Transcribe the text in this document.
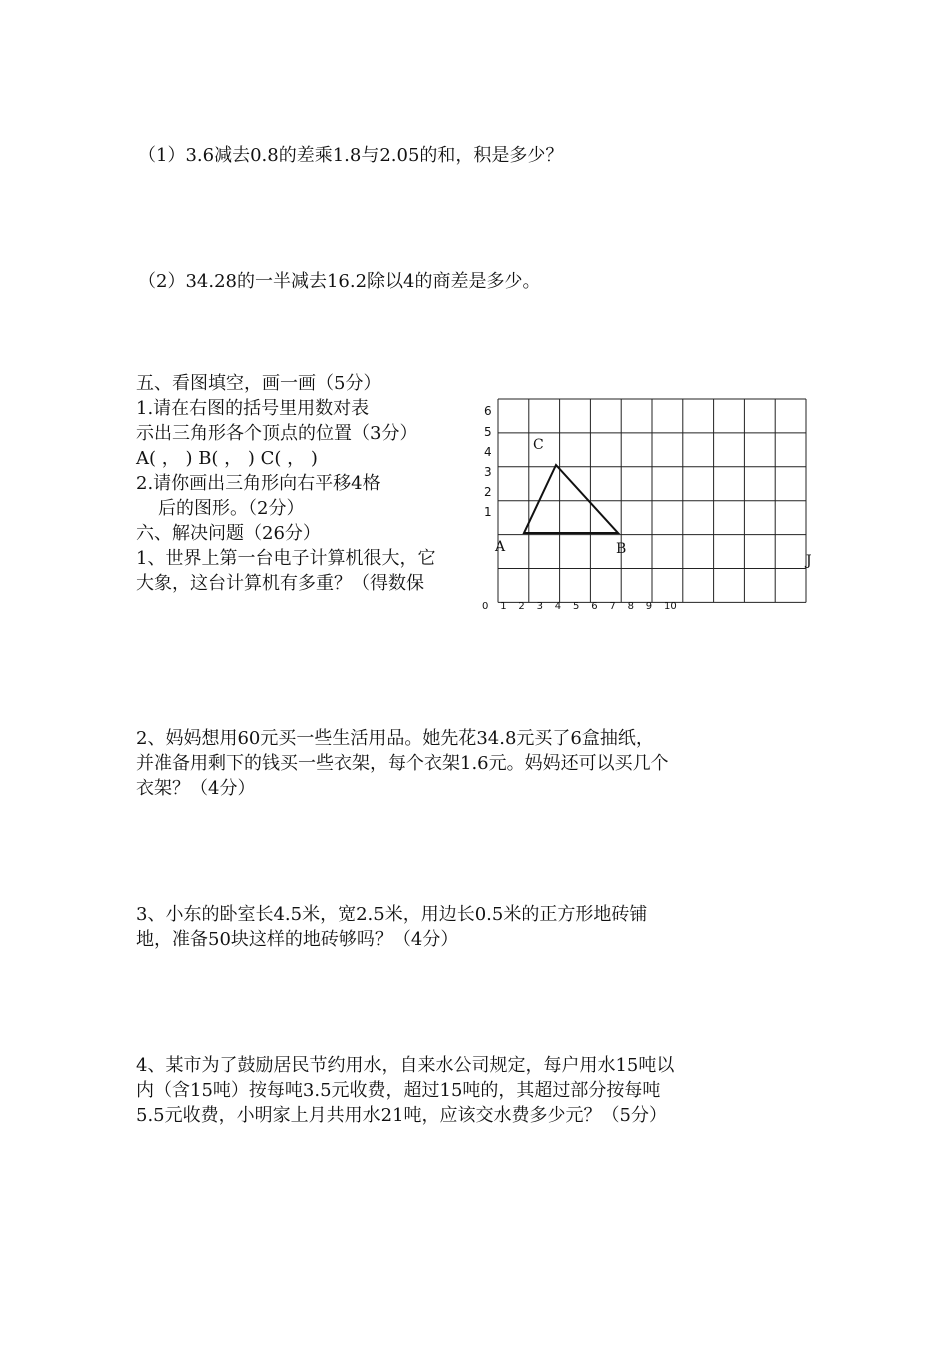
（1）3.6减去0.8的差乘1.8与2.05的和，积是多少？
（2）34.28的一半减去16.2除以4的商差是多少。
五、看图填空，画一画（5分）
1.请在右图的括号里用数对表
示出三角形各个顶点的位置（3分）
A( ， ) B( ， ) C( ， )
2.请你画出三角形向右平移4格
后的图形。（2分）
六、解决问题（26分）
1、世界上第一台电子计算机很大，它
大象，这台计算机有多重？（得数保
6
5
4
3
2
1
0 1 2 3 4 5 6 7 8 9 10
A	B
C
J
2、妈妈想用60元买一些生活用品。她先花34.8元买了6盒抽纸，
并准备用剩下的钱买一些衣架，每个衣架1.6元。妈妈还可以买几个
衣架？（4分）
3、小东的卧室长4.5米，宽2.5米，用边长0.5米的正方形地砖铺
地，准备50块这样的地砖够吗？（4分）
4、某市为了鼓励居民节约用水，自来水公司规定，每户用水15吨以
内（含15吨）按每吨3.5元收费，超过15吨的，其超过部分按每吨
5.5元收费，小明家上月共用水21吨，应该交水费多少元？（5分）
